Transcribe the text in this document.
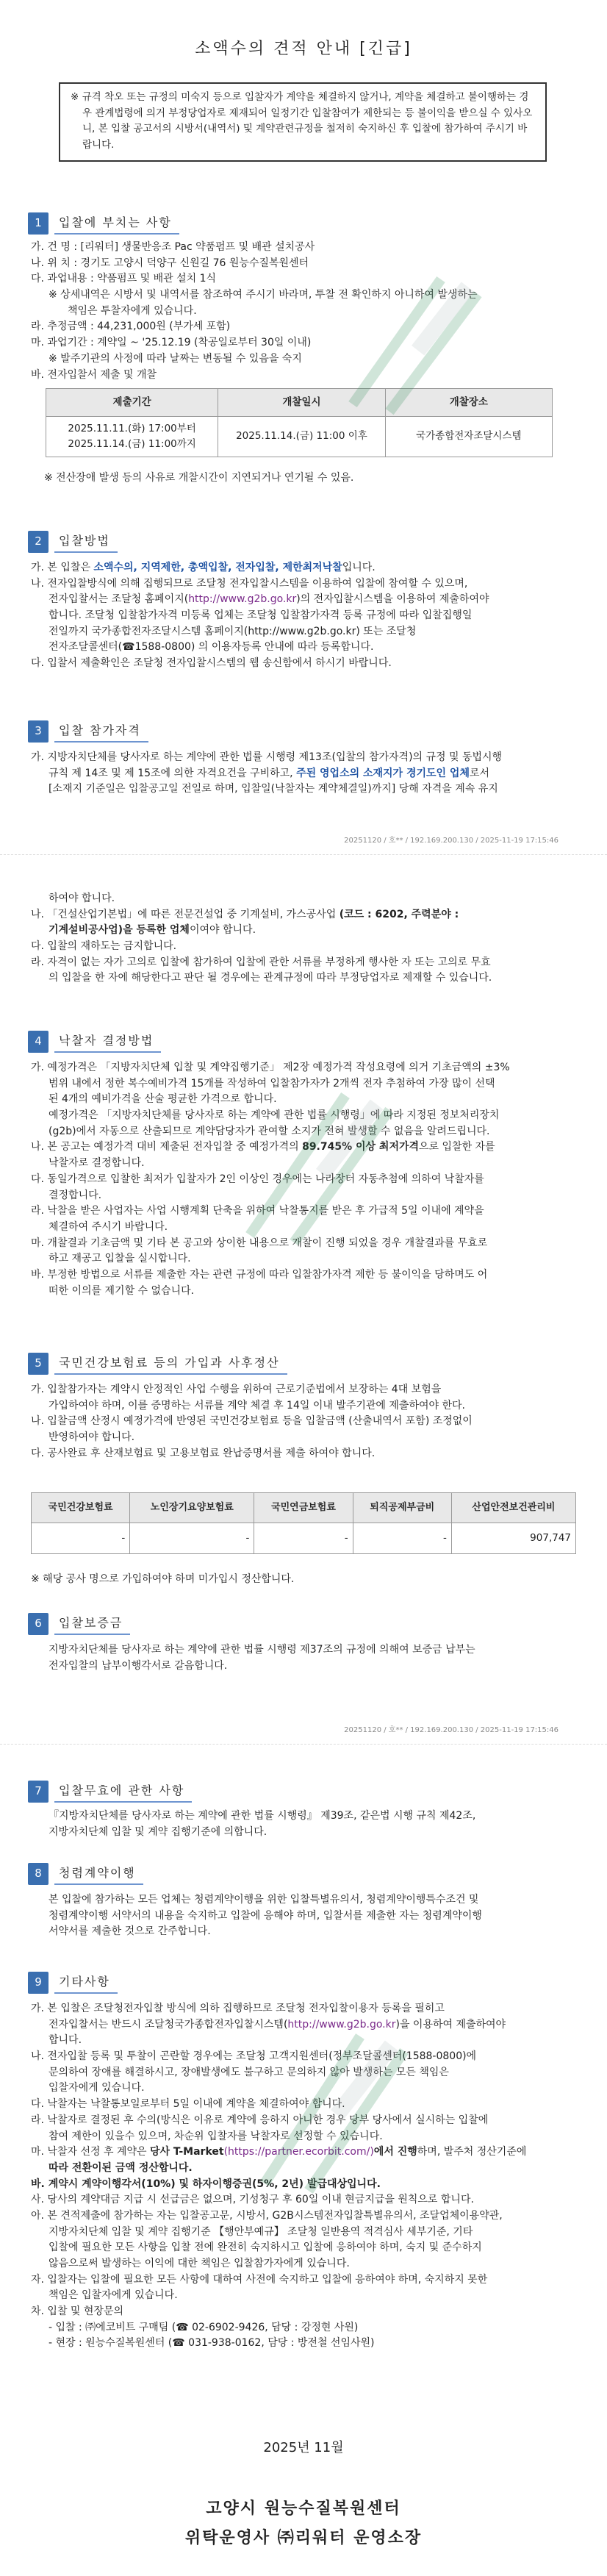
소액수의 견적 안내 [긴급]

※ 규격 착오 또는 규정의 미숙지 등으로 입찰자가 계약을 체결하지 않거나, 계약을 체결하고 불이행하는 경우 관계법령에 의거 부정당업자로 제재되어 일정기간 입찰참여가 제한되는 등 불이익을 받으실 수 있사오니, 본 입찰 공고서의 시방서(내역서) 및 계약관련규정을 철저히 숙지하신 후 입찰에 참가하여 주시기 바랍니다.

1	입찰에 부치는 사항
가. 건 명 : [리워터] 생물반응조 Pac 약품펌프 및 배관 설치공사
나. 위 치 : 경기도 고양시 덕양구 신원길 76 원능수질복원센터
다. 과업내용 : 약품펌프 및 배관 설치 1식
※ 상세내역은 시방서 및 내역서를 참조하여 주시기 바라며, 투찰 전 확인하지 아니하여 발생하는
책임은 투찰자에게 있습니다.
라. 추정금액 : 44,231,000원 (부가세 포함)
마. 과업기간 : 계약일 ~ '25.12.19 (착공일로부터 30일 이내)
※ 발주기관의 사정에 따라 날짜는 변동될 수 있음을 숙지
바. 전자입찰서 제출 및 개찰
제출기간	개찰일시	개찰장소

2025.11.11.(화) 17:00부터
2025.11.14.(금) 11:00까지	2025.11.14.(금) 11:00 이후	국가종합전자조달시스템
※ 전산장애 발생 등의 사유로 개찰시간이 지연되거나 연기될 수 있음.
2	입찰방법
가. 본 입찰은 소액수의, 지역제한, 총액입찰, 전자입찰, 제한최저낙찰입니다.
나. 전자입찰방식에 의해 집행되므로 조달청 전자입찰시스템을 이용하여 입찰에 참여할 수 있으며,
전자입찰서는 조달청 홈페이지(http://www.g2b.go.kr)의 전자입찰시스템을 이용하여 제출하여야
합니다. 조달청 입찰참가자격 미등록 업체는 조달청 입찰참가자격 등록 규정에 따라 입찰집행일
전일까지 국가종합전자조달시스템 홈페이지(http://www.g2b.go.kr) 또는 조달청
전자조달콜센터(☎1588-0800) 의 이용자등록 안내에 따라 등록합니다.
다. 입찰서 제출확인은 조달청 전자입찰시스템의 웹 송신함에서 하시기 바랍니다.
3	입찰 참가자격
가. 지방자치단체를 당사자로 하는 계약에 관한 법률 시행령 제13조(입찰의 참가자격)의 규정 및 동법시행
규칙 제 14조 및 제 15조에 의한 자격요건을 구비하고, 주된 영업소의 소재지가 경기도인 업체로서
[소재지 기준일은 입찰공고일 전일로 하며, 입찰일(낙찰자는 계약체결일)까지] 당해 자격을 계속 유지
20251120 / 호** / 192.169.200.130 / 2025-11-19 17:15:46
하여야 합니다.
나. 「건설산업기본법」에 따른 전문건설업 중 기계설비, 가스공사업 (코드 : 6202, 주력분야 :
기계설비공사업)을 등록한 업체이여야 합니다.
다. 입찰의 재하도는 금지합니다.
라. 자격이 없는 자가 고의로 입찰에 참가하여 입찰에 관한 서류를 부정하게 행사한 자 또는 고의로 무효
의 입찰을 한 자에 해당한다고 판단 될 경우에는 관계규정에 따라 부정당업자로 제재할 수 있습니다.
4	낙찰자 결정방법
가. 예정가격은 「지방자치단체 입찰 및 계약집행기준」 제2장 예정가격 작성요령에 의거 기초금액의 ±3%
범위 내에서 정한 복수예비가격 15개를 작성하여 입찰참가자가 2개씩 전자 추첨하여 가장 많이 선택
된 4개의 예비가격을 산술 평균한 가격으로 합니다.
예정가격은 「지방자치단체를 당사자로 하는 계약에 관한 법률 시행령」에 따라 지정된 정보처리장치
(g2b)에서 자동으로 산출되므로 계약담당자가 관여할 소지가 전혀 발생할 수 없음을 알려드립니다.
나. 본 공고는 예정가격 대비 제출된 전자입찰 중 예정가격의 89.745% 이상 최저가격으로 입찰한 자를
낙찰자로 결정합니다.
다. 동일가격으로 입찰한 최저가 입찰자가 2인 이상인 경우에는 나라장터 자동추첨에 의하여 낙찰자를
결정합니다.
라. 낙찰을 받은 사업자는 사업 시행계획 단축을 위하여 낙찰통지를 받은 후 가급적 5일 이내에 계약을
체결하여 주시기 바랍니다.
마. 개찰결과 기초금액 및 기타 본 공고와 상이한 내용으로 개찰이 진행 되었을 경우 개찰결과를 무효로
하고 재공고 입찰을 실시합니다.
바. 부정한 방법으로 서류를 제출한 자는 관련 규정에 따라 입찰참가자격 제한 등 불이익을 당하며도 어
떠한 이의를 제기할 수 없습니다.
5	국민건강보험료 등의 가입과 사후정산
가. 입찰참가자는 계약시 안정적인 사업 수행을 위하여 근로기준법에서 보장하는 4대 보험을
가입하여야 하며, 이를 증명하는 서류를 계약 체결 후 14일 이내 발주기관에 제출하여야 한다.
나. 입찰금액 산정시 예정가격에 반영된 국민건강보험료 등을 입찰금액 (산출내역서 포함) 조정없이
반영하여야 합니다.
다. 공사완료 후 산재보험료 및 고용보험료 완납증명서를 제출 하여야 합니다.
국민건강보험료	노인장기요양보험료	국민연금보험료	퇴직공제부금비	산업안전보건관리비
-	-	-	-	907,747
※ 해당 공사 명으로 가입하여야 하며 미가입시 정산합니다.
6	입찰보증금
지방자치단체를 당사자로 하는 계약에 관한 법률 시행령 제37조의 규정에 의해여 보증금 납부는
전자입찰의 납부이행각서로 갈음합니다.
20251120 / 호** / 192.169.200.130 / 2025-11-19 17:15:46
7	입찰무효에 관한 사항
『지방자치단체를 당사자로 하는 계약에 관한 법률 시행령』 제39조, 같은법 시행 규칙 제42조,
지방자치단체 입찰 및 계약 집행기준에 의합니다.
8	청렴계약이행
본 입찰에 참가하는 모든 업체는 청렴계약이행을 위한 입찰특별유의서, 청렴계약이행특수조건 및
청렴계약이행 서약서의 내용을 숙지하고 입찰에 응해야 하며, 입찰서를 제출한 자는 청렴계약이행
서약서를 제출한 것으로 간주합니다.
9	기타사항
가. 본 입찰은 조달청전자입찰 방식에 의하 집행하므로 조달청 전자입찰이용자 등록을 필히고
전자입찰서는 반드시 조달청국가종합전자입찰시스템(http://www.g2b.go.kr)을 이용하여 제출하여야
합니다.
나. 전자입찰 등록 및 투찰이 곤란할 경우에는 조달청 고객지원센터(정부조달콜센터(1588-0800)에
문의하여 장애를 해결하시고, 장애발생에도 불구하고 문의하지 않아 발생하는 모든 책임은
입찰자에게 있습니다.
다. 낙찰자는 낙찰통보일로부터 5일 이내에 계약을 체결하여야 합니다.
라. 낙찰자로 결정된 후 수의(방식은 이유로 계약에 응하지 아니한 경우 당부 당사에서 실시하는 입찰에
참여 제한이 있을수 있으며, 차순위 입찰자를 낙찰자로 선정할 수 있습니다.
마. 낙찰자 선정 후 계약은 당사 T-Market(https://partner.ecorbit.com/)에서 진행하며, 발주처 정산기준에
따라 전환이된 금액 정산합니다.
바. 계약시 계약이행각서(10%) 및 하자이행증권(5%, 2년) 발급대상입니다.
사. 당사의 계약대금 지급 시 선급금은 없으며, 기성청구 후 60일 이내 현금지급을 원칙으로 합니다.
아. 본 견적제출에 참가하는 자는 입찰공고문, 시방서, G2B시스템전자입찰특별유의서, 조달업체이용약관,
지방자치단체 입찰 및 계약 집행기준 【행안부예규】 조달청 일반용역 적격심사 세부기준, 기타
입찰에 필요한 모든 사항을 입찰 전에 완전히 숙지하시고 입찰에 응하여야 하며, 숙지 및 준수하지
않음으로써 발생하는 이익에 대한 책임은 입찰참가자에게 있습니다.
자. 입찰자는 입찰에 필요한 모든 사항에 대하여 사전에 숙지하고 입찰에 응하여야 하며, 숙지하지 못한
책임은 입찰자에게 있습니다.
차. 입찰 및 현장문의
- 입찰 : ㈜에코비트 구매팀 (☎ 02-6902-9426, 담당 : 강정현 사원)
- 현장 : 원능수질복원센터 (☎ 031-938-0162, 담당 : 방전철 선임사원)
2025년 11월
고양시 원능수질복원센터
위탁운영사 ㈜리워터 운영소장
